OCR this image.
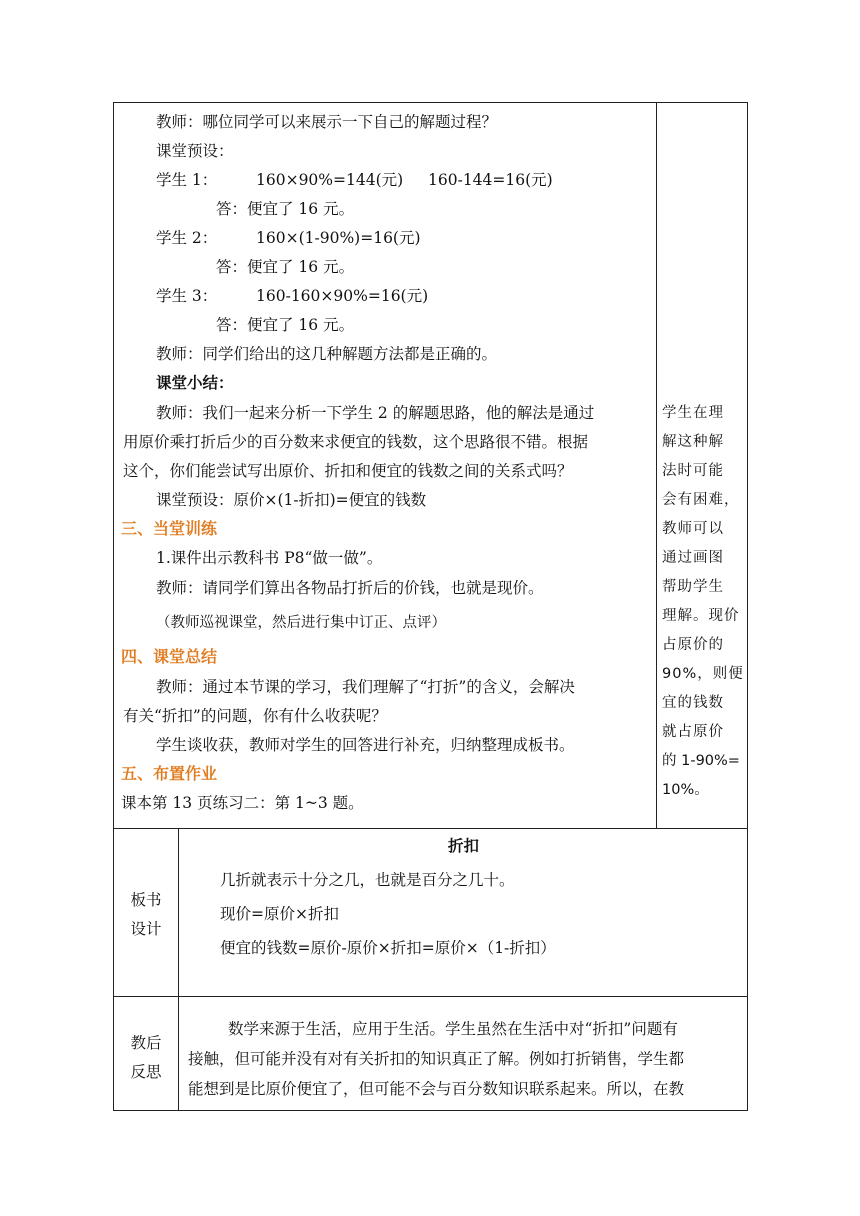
教师：哪位同学可以来展示一下自己的解题过程？
课堂预设：
学生 1： 160×90%=144(元) 160-144=16(元)
答：便宜了 16 元。
学生 2： 160×(1-90%)=16(元)
答：便宜了 16 元。
学生 3： 160-160×90%=16(元)
答：便宜了 16 元。
教师：同学们给出的这几种解题方法都是正确的。
课堂小结：
教师：我们一起来分析一下学生 2 的解题思路，他的解法是通过
用原价乘打折后少的百分数来求便宜的钱数，这个思路很不错。根据
这个，你们能尝试写出原价、折扣和便宜的钱数之间的关系式吗？
课堂预设：原价×(1-折扣)=便宜的钱数
三、当堂训练
1.课件出示教科书 P8“做一做”。
教师：请同学们算出各物品打折后的价钱，也就是现价。
（教师巡视课堂，然后进行集中订正、点评）
四、课堂总结
教师：通过本节课的学习，我们理解了“打折”的含义，会解决
有关“折扣”的问题，你有什么收获呢？
学生谈收获，教师对学生的回答进行补充，归纳整理成板书。
五、布置作业
课本第 13 页练习二：第 1~3 题。
学生在理
解这种解
法时可能
会有困难，
教师可以
通过画图
帮助学生
理解。现价
占原价的
90%，则便
宜的钱数
就占原价
的 1-90%=
10%。
板书
设计
折扣
几折就表示十分之几，也就是百分之几十。
现价=原价×折扣
便宜的钱数=原价-原价×折扣=原价×（1-折扣）
教后
反思
数学来源于生活，应用于生活。学生虽然在生活中对“折扣”问题有
接触，但可能并没有对有关折扣的知识真正了解。例如打折销售，学生都
能想到是比原价便宜了，但可能不会与百分数知识联系起来。所以，在教
